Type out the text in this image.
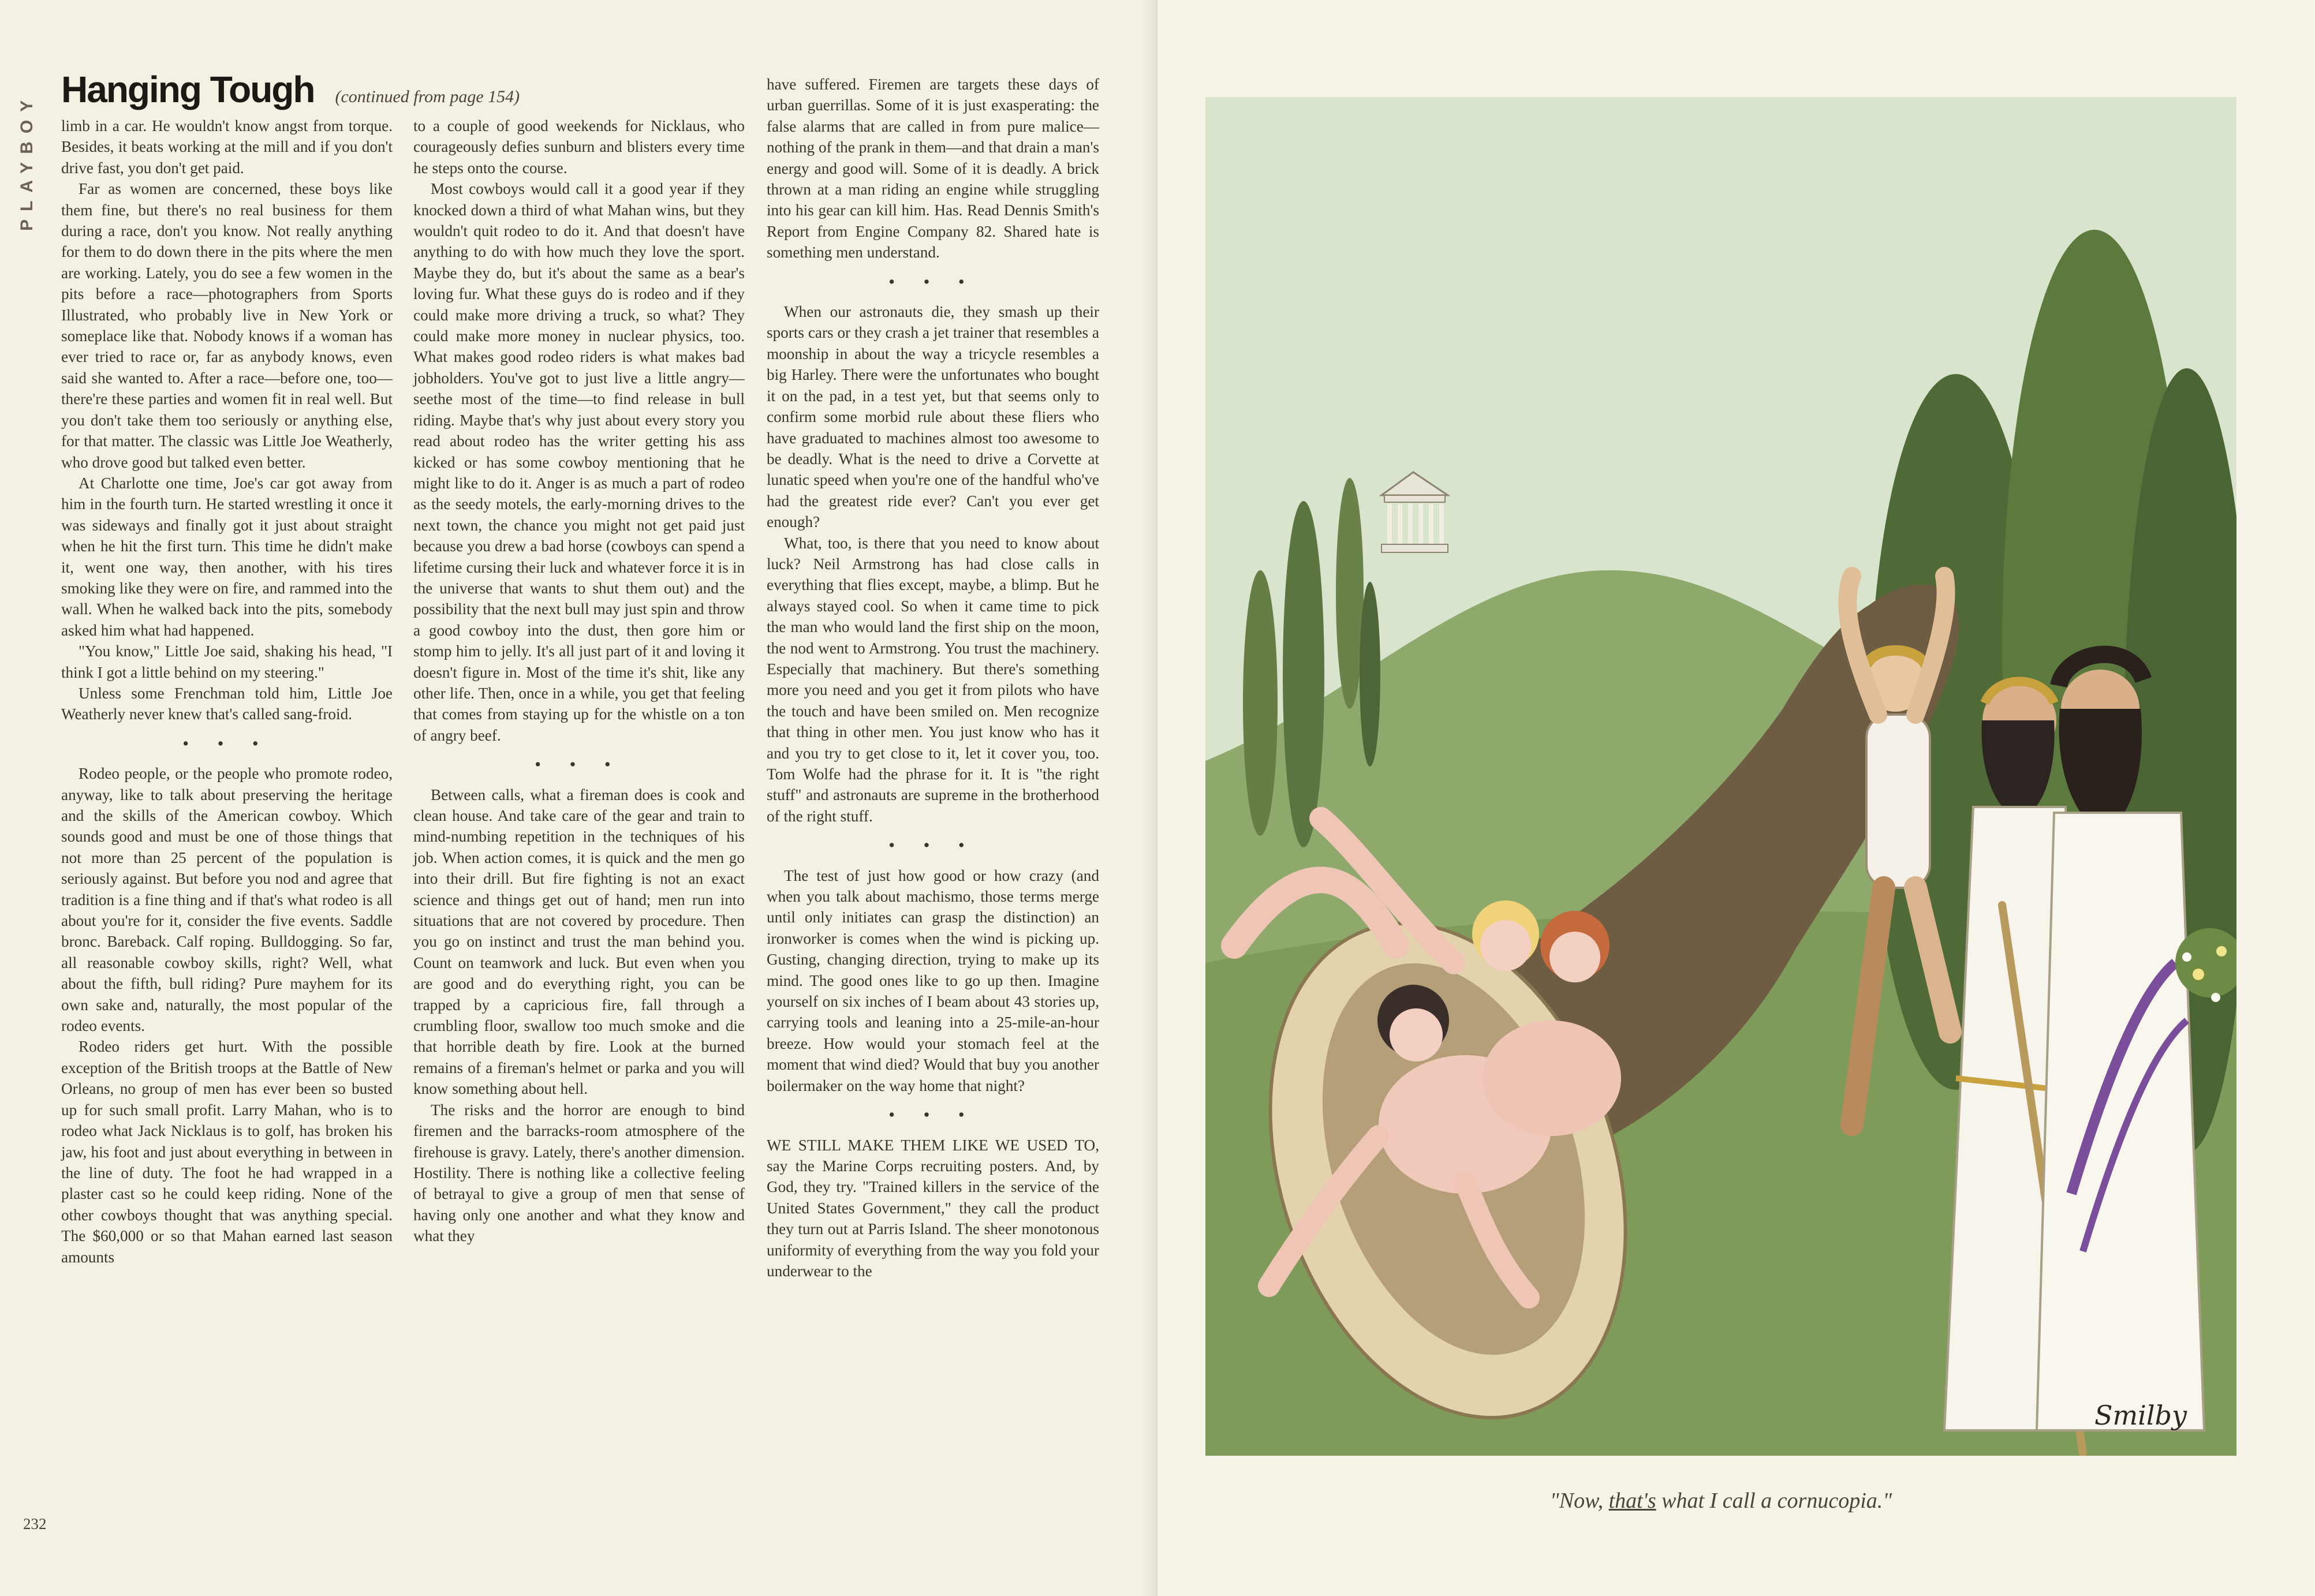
PLAYBOY
Hanging Tough (continued from page 154)

limb in a car. He wouldn't know angst from torque. Besides, it beats working at the mill and if you don't drive fast, you don't get paid.

Far as women are concerned, these boys like them fine, but there's no real business for them during a race, don't you know. Not really anything for them to do down there in the pits where the men are working. Lately, you do see a few women in the pits before a race—photographers from Sports Illustrated, who probably live in New York or someplace like that. Nobody knows if a woman has ever tried to race or, far as anybody knows, even said she wanted to. After a race—before one, too—there're these parties and women fit in real well. But you don't take them too seriously or anything else, for that matter. The classic was Little Joe Weatherly, who drove good but talked even better.

At Charlotte one time, Joe's car got away from him in the fourth turn. He started wrestling it once it was sideways and finally got it just about straight when he hit the first turn. This time he didn't make it, went one way, then another, with his tires smoking like they were on fire, and rammed into the wall. When he walked back into the pits, somebody asked him what had happened.

"You know," Little Joe said, shaking his head, "I think I got a little behind on my steering."

Unless some Frenchman told him, Little Joe Weatherly never knew that's called sang-froid.

• • •

Rodeo people, or the people who promote rodeo, anyway, like to talk about preserving the heritage and the skills of the American cowboy. Which sounds good and must be one of those things that not more than 25 percent of the population is seriously against. But before you nod and agree that tradition is a fine thing and if that's what rodeo is all about you're for it, consider the five events. Saddle bronc. Bareback. Calf roping. Bulldogging. So far, all reasonable cowboy skills, right? Well, what about the fifth, bull riding? Pure mayhem for its own sake and, naturally, the most popular of the rodeo events.

Rodeo riders get hurt. With the possible exception of the British troops at the Battle of New Orleans, no group of men has ever been so busted up for such small profit. Larry Mahan, who is to rodeo what Jack Nicklaus is to golf, has broken his jaw, his foot and just about everything in between in the line of duty. The foot he had wrapped in a plaster cast so he could keep riding. None of the other cowboys thought that was anything special. The $60,000 or so that Mahan earned last season amounts

to a couple of good weekends for Nicklaus, who courageously defies sunburn and blisters every time he steps onto the course.

Most cowboys would call it a good year if they knocked down a third of what Mahan wins, but they wouldn't quit rodeo to do it. And that doesn't have anything to do with how much they love the sport. Maybe they do, but it's about the same as a bear's loving fur. What these guys do is rodeo and if they could make more driving a truck, so what? They could make more money in nuclear physics, too. What makes good rodeo riders is what makes bad jobholders. You've got to just live a little angry—seethe most of the time—to find release in bull riding. Maybe that's why just about every story you read about rodeo has the writer getting his ass kicked or has some cowboy mentioning that he might like to do it. Anger is as much a part of rodeo as the seedy motels, the early-morning drives to the next town, the chance you might not get paid just because you drew a bad horse (cowboys can spend a lifetime cursing their luck and whatever force it is in the universe that wants to shut them out) and the possibility that the next bull may just spin and throw a good cowboy into the dust, then gore him or stomp him to jelly. It's all just part of it and loving it doesn't figure in. Most of the time it's shit, like any other life. Then, once in a while, you get that feeling that comes from staying up for the whistle on a ton of angry beef.

• • •

Between calls, what a fireman does is cook and clean house. And take care of the gear and train to mind-numbing repetition in the techniques of his job. When action comes, it is quick and the men go into their drill. But fire fighting is not an exact science and things get out of hand; men run into situations that are not covered by procedure. Then you go on instinct and trust the man behind you. Count on teamwork and luck. But even when you are good and do everything right, you can be trapped by a capricious fire, fall through a crumbling floor, swallow too much smoke and die that horrible death by fire. Look at the burned remains of a fireman's helmet or parka and you will know something about hell.

The risks and the horror are enough to bind firemen and the barracks-room atmosphere of the firehouse is gravy. Lately, there's another dimension. Hostility. There is nothing like a collective feeling of betrayal to give a group of men that sense of having only one another and what they know and what they

have suffered. Firemen are targets these days of urban guerrillas. Some of it is just exasperating: the false alarms that are called in from pure malice—nothing of the prank in them—and that drain a man's energy and good will. Some of it is deadly. A brick thrown at a man riding an engine while struggling into his gear can kill him. Has. Read Dennis Smith's Report from Engine Company 82. Shared hate is something men understand.

• • •

When our astronauts die, they smash up their sports cars or they crash a jet trainer that resembles a moonship in about the way a tricycle resembles a big Harley. There were the unfortunates who bought it on the pad, in a test yet, but that seems only to confirm some morbid rule about these fliers who have graduated to machines almost too awesome to be deadly. What is the need to drive a Corvette at lunatic speed when you're one of the handful who've had the greatest ride ever? Can't you ever get enough?

What, too, is there that you need to know about luck? Neil Armstrong has had close calls in everything that flies except, maybe, a blimp. But he always stayed cool. So when it came time to pick the man who would land the first ship on the moon, the nod went to Armstrong. You trust the machinery. Especially that machinery. But there's something more you need and you get it from pilots who have the touch and have been smiled on. Men recognize that thing in other men. You just know who has it and you try to get close to it, let it cover you, too. Tom Wolfe had the phrase for it. It is "the right stuff" and astronauts are supreme in the brotherhood of the right stuff.

• • •

The test of just how good or how crazy (and when you talk about machismo, those terms merge until only initiates can grasp the distinction) an ironworker is comes when the wind is picking up. Gusting, changing direction, trying to make up its mind. The good ones like to go up then. Imagine yourself on six inches of I beam about 43 stories up, carrying tools and leaning into a 25-mile-an-hour breeze. How would your stomach feel at the moment that wind died? Would that buy you another boilermaker on the way home that night?

• • •

WE STILL MAKE THEM LIKE WE USED TO, say the Marine Corps recruiting posters. And, by God, they try. "Trained killers in the service of the United States Government," they call the product they turn out at Parris Island. The sheer monotonous uniformity of everything from the way you fold your underwear to the

232
Smilby
"Now, that's what I call a cornucopia."
